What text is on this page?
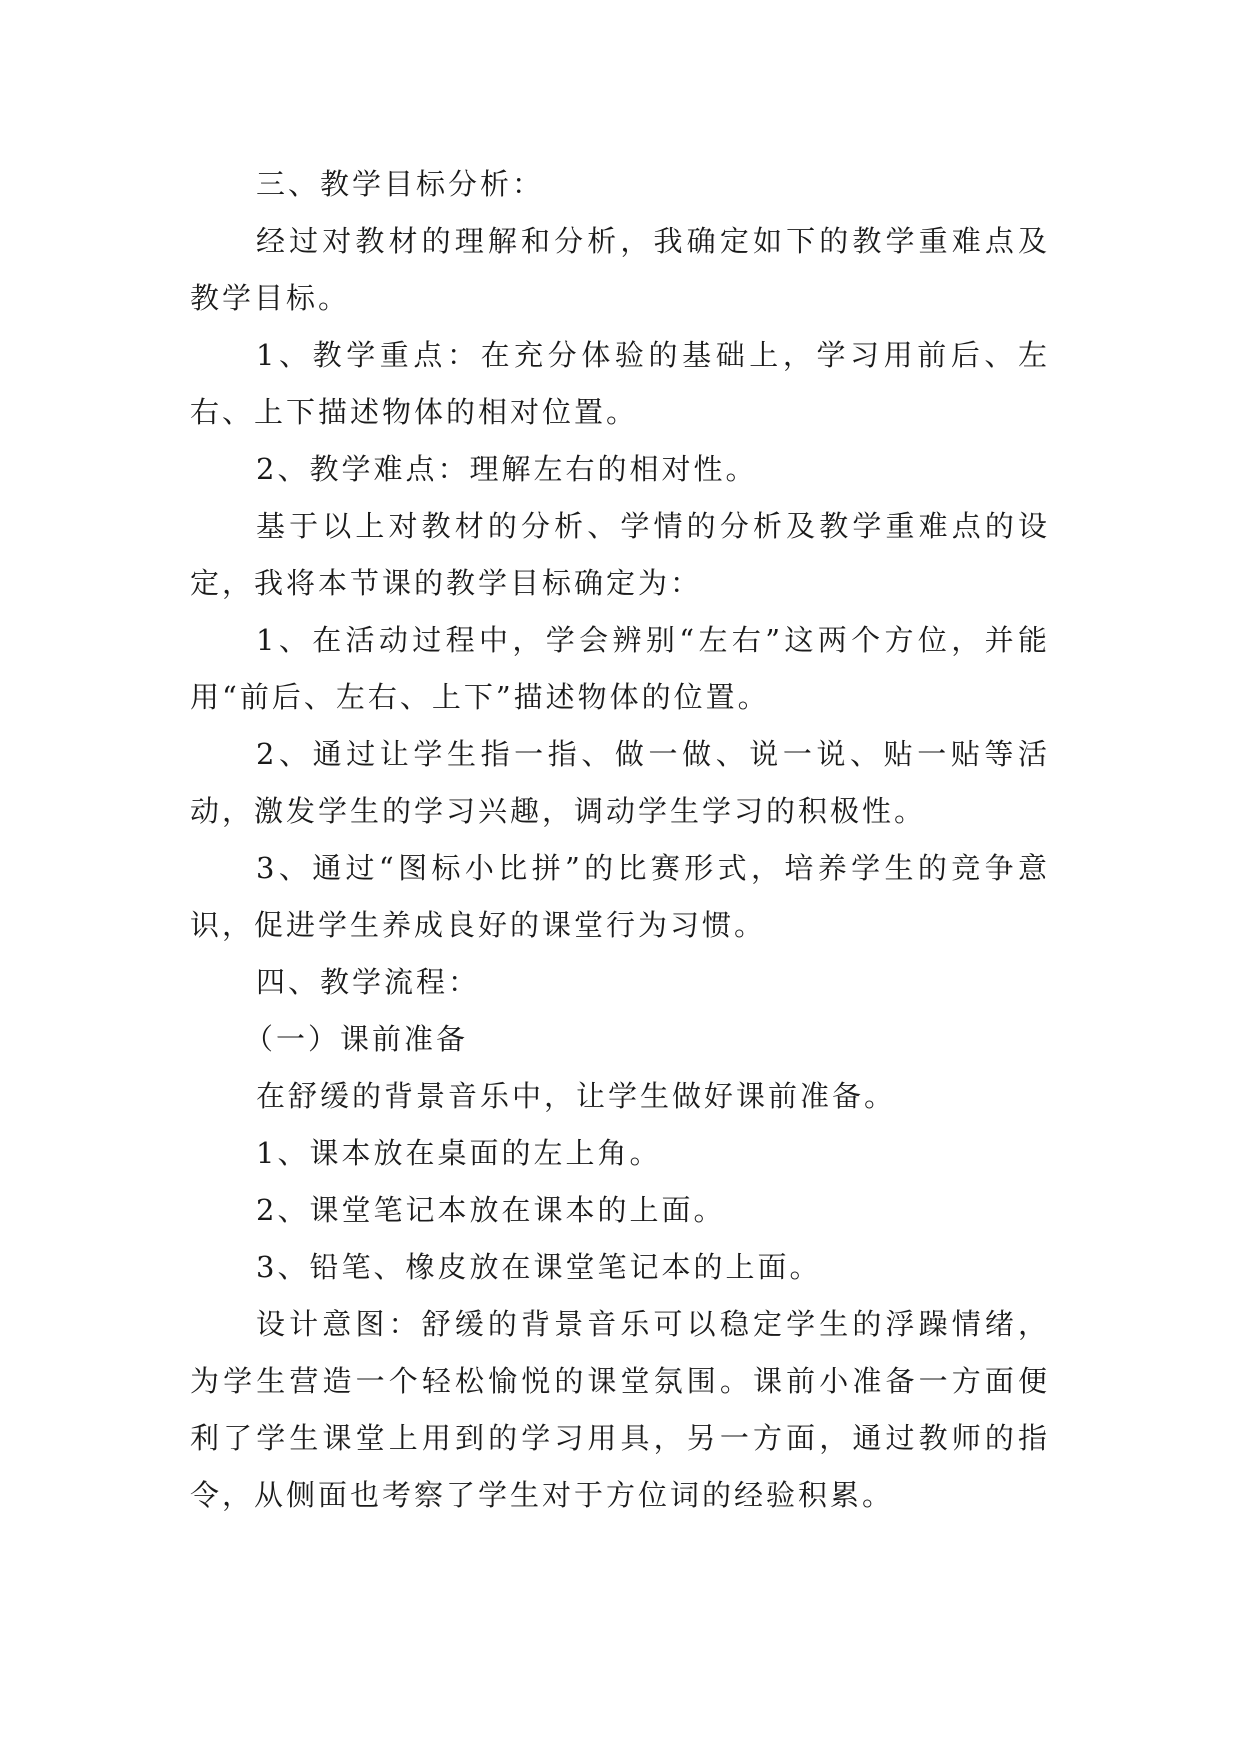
三、教学目标分析：

经过对教材的理解和分析，我确定如下的教学重难点及教学目标。

1、教学重点：在充分体验的基础上，学习用前后、左右、上下描述物体的相对位置。

2、教学难点：理解左右的相对性。

基于以上对教材的分析、学情的分析及教学重难点的设定，我将本节课的教学目标确定为：

1、在活动过程中，学会辨别“左右”这两个方位，并能用“前后、左右、上下”描述物体的位置。

2、通过让学生指一指、做一做、说一说、贴一贴等活动，激发学生的学习兴趣，调动学生学习的积极性。

3、通过“图标小比拼”的比赛形式，培养学生的竞争意识，促进学生养成良好的课堂行为习惯。

四、教学流程：

（一）课前准备

在舒缓的背景音乐中，让学生做好课前准备。

1、课本放在桌面的左上角。

2、课堂笔记本放在课本的上面。

3、铅笔、橡皮放在课堂笔记本的上面。

设计意图：舒缓的背景音乐可以稳定学生的浮躁情绪，为学生营造一个轻松愉悦的课堂氛围。课前小准备一方面便利了学生课堂上用到的学习用具，另一方面，通过教师的指令，从侧面也考察了学生对于方位词的经验积累。
